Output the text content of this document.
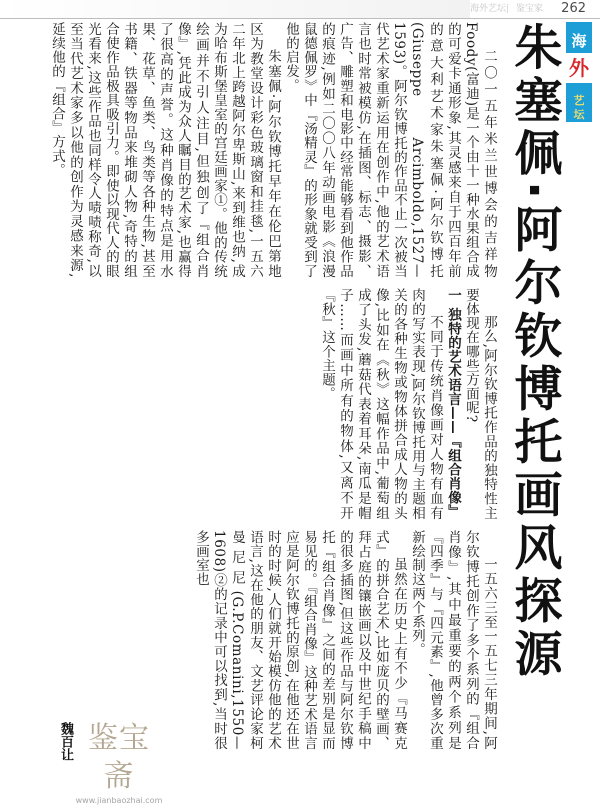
海外艺坛 | 鉴宝家 262
海
外
艺
坛
朱塞佩·阿尔钦博托画风探源

二〇一五年米兰世博会的吉祥物Foody(富迪)是一个由十一种水果组合成的可爱卡通形象,其灵感来自于四百年前的意大利艺术家朱塞佩·阿尔钦博托(Giuseppe Arcimboldo,1527—1593)。阿尔钦博托的作品不止一次被当代艺术家重新运用在创作中,他的艺术语言也时常被模仿,在插图、标志、摄影、广告、雕塑和电影中经常能够看到他作品的痕迹,例如二〇〇八年动画电影《浪漫鼠德佩罗》中『汤精灵』的形象就受到了他的启发。

朱塞佩·阿尔钦博托早年在伦巴第地区为教堂设计彩色玻璃窗和挂毯,一五六二年北上跨越阿尔卑斯山,来到维也纳,成为哈布斯堡皇室的宫廷画家①。他的传统绘画并不引人注目,但独创了『组合肖像』,凭此成为众人瞩目的艺术家,也赢得了很高的声誉。这种肖像的特点是用水果、花草、鱼类、鸟类等各种生物,甚至书籍、铁器等物品来堆砌人物,奇特的组合使作品极具吸引力。即使以现代人的眼光看来,这些作品也同样令人啧啧称奇,以至当代艺术家多以他的创作为灵感来源,延续他的『组合』方式。

那么,阿尔钦博托作品的独特性主要体现在哪些方面呢?

一 独特的艺术语言——『组合肖像』

不同于传统肖像画对人物有血有肉的写实表现,阿尔钦博托用与主题相关的各种生物或物体拼合成人物的头像,比如在《秋》这幅作品中,葡萄组成了头发,蘑菇代表着耳朵,南瓜是帽子……而画中所有的物体,又离不开『秋』这个主题。

一五六三至一五七三年期间,阿尔钦博托创作了多个系列的『组合肖像』,其中最重要的两个系列是『四季』与『四元素』,他曾多次重新绘制这两个系列。

虽然在历史上有不少『马赛克式』的拼合艺术,比如庞贝的壁画、拜占庭的镶嵌画以及中世纪手稿中的很多插图,但这些作品与阿尔钦博托『组合肖像』之间的差别是显而易见的。『组合肖像』这种艺术语言应是阿尔钦博托的原创,在他还在世时的时候,人们就开始模仿他的艺术语言,这在他的朋友、文艺评论家柯曼尼尼(G.P.Comanini,1550—1608)②的记录中可以找到,当时很多画室也

魏百让 鉴宝斋
www.jianbaozhai.com
